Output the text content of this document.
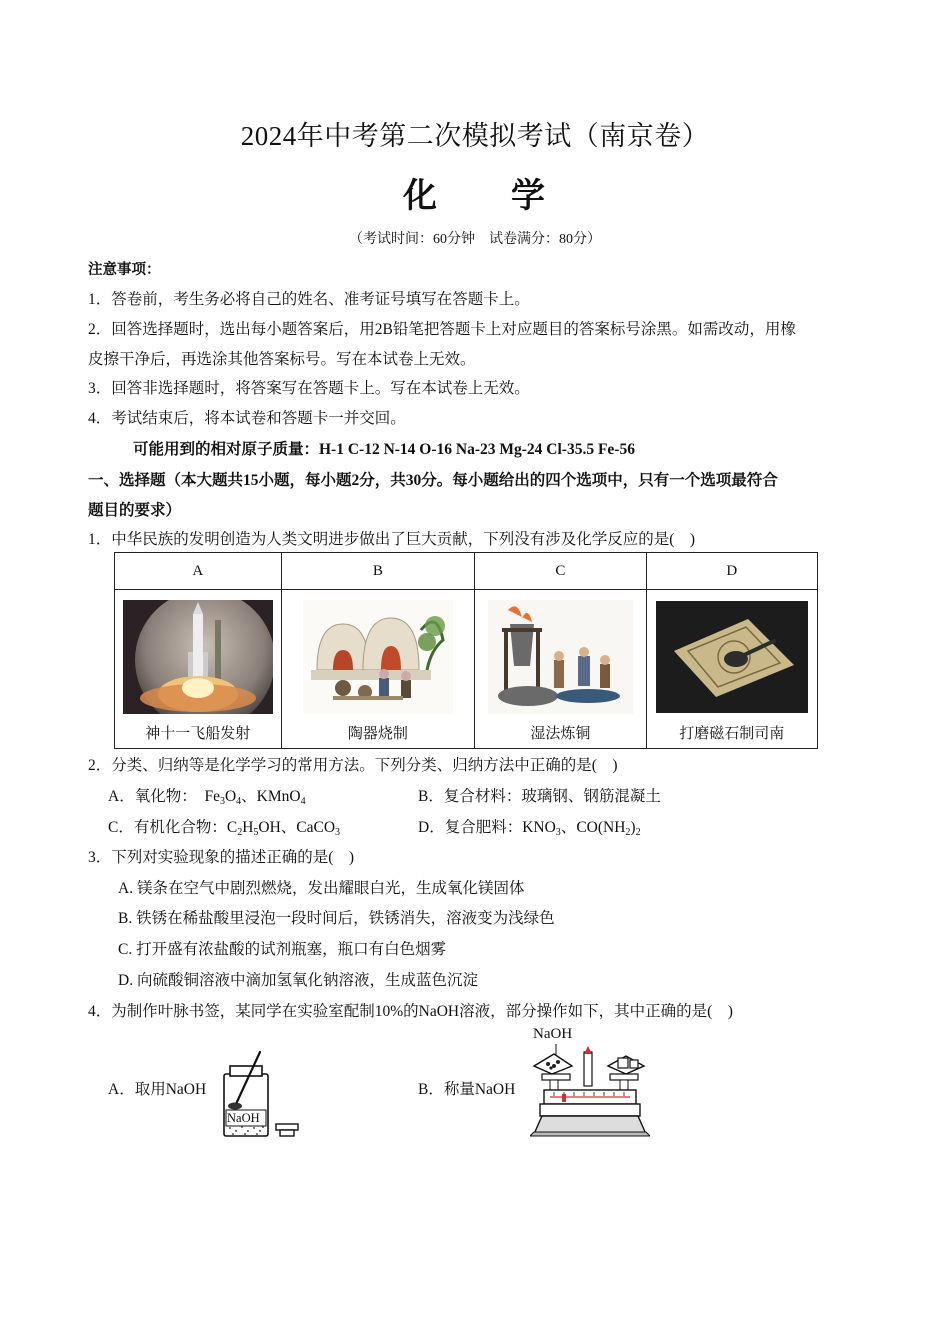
2024年中考第二次模拟考试（南京卷）
化　　学
（考试时间：60分钟　试卷满分：80分）
注意事项：
1．答卷前，考生务必将自己的姓名、准考证号填写在答题卡上。
2．回答选择题时，选出每小题答案后，用2B铅笔把答题卡上对应题目的答案标号涂黑。如需改动，用橡
皮擦干净后，再选涂其他答案标号。写在本试卷上无效。
3．回答非选择题时，将答案写在答题卡上。写在本试卷上无效。
4．考试结束后，将本试卷和答题卡一并交回。
可能用到的相对原子质量：H-1 C-12 N-14 O-16 Na-23 Mg-24 Cl-35.5 Fe-56
一、选择题（本大题共15小题，每小题2分，共30分。每小题给出的四个选项中，只有一个选项最符合
题目的要求）
1．中华民族的发明创造为人类文明进步做出了巨大贡献，下列没有涉及化学反应的是(　)
A	B	C	D

神十一飞船发射	陶器烧制	湿法炼铜	打磨磁石制司南
2．分类、归纳等是化学学习的常用方法。下列分类、归纳方法中正确的是(　)
A．氧化物： $Fe_3O_4$、KMnO$_4$	B．复合材料：玻璃钢、钢筋混凝土
C．有机化合物：$C_2H_5OH$、CaCO$_3$	D．复合肥料：$KNO_3$、$CO(NH_2)_2$
3．下列对实验现象的描述正确的是(　)
A. 镁条在空气中剧烈燃烧，发出耀眼白光，生成氧化镁固体
B. 铁锈在稀盐酸里浸泡一段时间后，铁锈消失，溶液变为浅绿色
C. 打开盛有浓盐酸的试剂瓶塞，瓶口有白色烟雾
D. 向硫酸铜溶液中滴加氢氧化钠溶液，生成蓝色沉淀
4．为制作叶脉书签，某同学在实验室配制10%的NaOH溶液，部分操作如下，其中正确的是(　)
A．取用NaOH
NaOH
B．称量NaOH
NaOH
